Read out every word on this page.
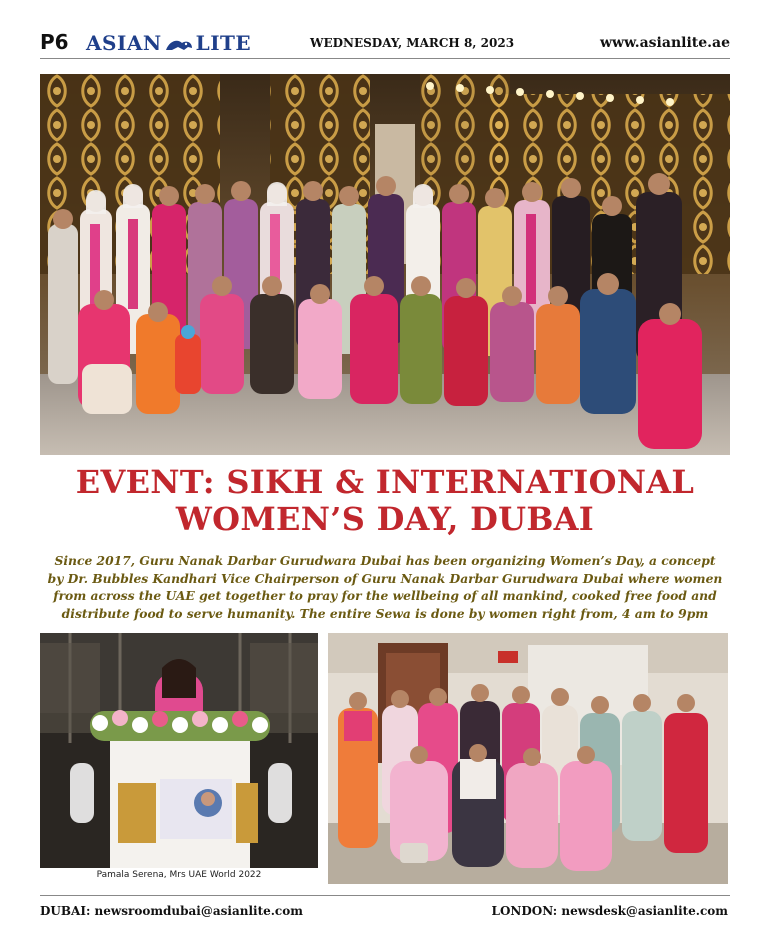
P6 ASIAN LITE	WEDNESDAY, MARCH 8, 2023	www.asianlite.ae
EVENT: SIKH & INTERNATIONAL
WOMEN’S DAY, DUBAI
Since 2017, Guru Nanak Darbar Gurudwara Dubai has been organizing Women’s Day, a concept by Dr. Bubbles Kandhari Vice Chairperson of Guru Nanak Darbar Gurudwara Dubai where women from across the UAE get together to pray for the wellbeing of all mankind, cooked free food and distribute food to serve humanity. The entire Sewa is done by women right from, 4 am to 9pm
Pamala Serena, Mrs UAE World 2022
DUBAI: newsroomdubai@asianlite.com	LONDON: newsdesk@asianlite.com
